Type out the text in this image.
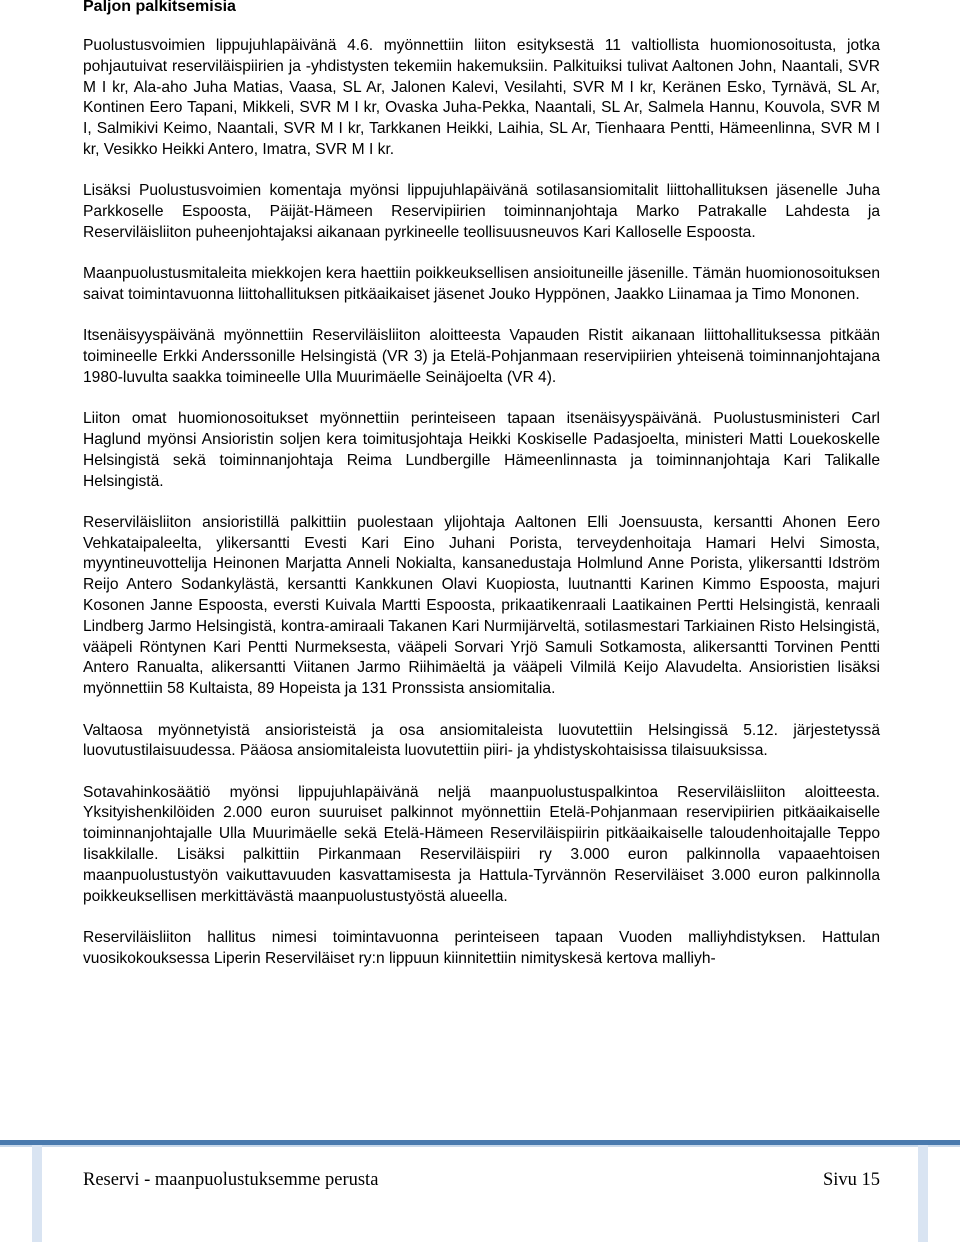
Paljon palkitsemisia

Puolustusvoimien lippujuhlapäivänä 4.6. myönnettiin liiton esityksestä 11 valtiollista huomionosoitusta, jotka pohjautuivat reserviläispiirien ja -yhdistysten tekemiin hakemuksiin. Palkituiksi tulivat Aaltonen John, Naantali, SVR M I kr, Ala-aho Juha Matias, Vaasa, SL Ar, Jalonen Kalevi, Vesilahti, SVR M I kr, Keränen Esko, Tyrnävä, SL Ar, Kontinen Eero Tapani, Mikkeli, SVR M I kr, Ovaska Juha-Pekka, Naantali, SL Ar, Salmela Hannu, Kouvola, SVR M I, Salmikivi Keimo, Naantali, SVR M I kr, Tarkkanen Heikki, Laihia, SL Ar, Tienhaara Pentti, Hämeenlinna, SVR M I kr, Vesikko Heikki Antero, Imatra, SVR M I kr.

Lisäksi Puolustusvoimien komentaja myönsi lippujuhlapäivänä sotilasansiomitalit liittohallituksen jäsenelle Juha Parkkoselle Espoosta, Päijät-Hämeen Reservipiirien toiminnanjohtaja Marko Patrakalle Lahdesta ja Reserviläisliiton puheenjohtajaksi aikanaan pyrkineelle teollisuusneuvos Kari Kalloselle Espoosta.

Maanpuolustusmitaleita miekkojen kera haettiin poikkeuksellisen ansioituneille jäsenille. Tämän huomionosoituksen saivat toimintavuonna liittohallituksen pitkäaikaiset jäsenet Jouko Hyppönen, Jaakko Liinamaa ja Timo Mononen.

Itsenäisyyspäivänä myönnettiin Reserviläisliiton aloitteesta Vapauden Ristit aikanaan liittohallituksessa pitkään toimineelle Erkki Anderssonille Helsingistä (VR 3) ja Etelä-Pohjanmaan reservipiirien yhteisenä toiminnanjohtajana 1980-luvulta saakka toimineelle Ulla Muurimäelle Seinäjoelta (VR 4).

Liiton omat huomionosoitukset myönnettiin perinteiseen tapaan itsenäisyyspäivänä. Puolustusministeri Carl Haglund myönsi Ansioristin soljen kera toimitusjohtaja Heikki Koskiselle Padasjoelta, ministeri Matti Louekoskelle Helsingistä sekä toiminnanjohtaja Reima Lundbergille Hämeenlinnasta ja toiminnanjohtaja Kari Talikalle Helsingistä.

Reserviläisliiton ansioristillä palkittiin puolestaan ylijohtaja Aaltonen Elli Joensuusta, kersantti Ahonen Eero Vehkataipaleelta, ylikersantti Evesti Kari Eino Juhani Porista, terveydenhoitaja Hamari Helvi Simosta, myyntineuvottelija Heinonen Marjatta Anneli Nokialta, kansanedustaja Holmlund Anne Porista, ylikersantti Idström Reijo Antero Sodankylästä, kersantti Kankkunen Olavi Kuopiosta, luutnantti Karinen Kimmo Espoosta, majuri Kosonen Janne Espoosta, eversti Kuivala Martti Espoosta, prikaatikenraali Laatikainen Pertti Helsingistä, kenraali Lindberg Jarmo Helsingistä, kontra-amiraali Takanen Kari Nurmijärveltä, sotilasmestari Tarkiainen Risto Helsingistä, vääpeli Röntynen Kari Pentti Nurmeksesta, vääpeli Sorvari Yrjö Samuli Sotkamosta, alikersantti Torvinen Pentti Antero Ranualta, alikersantti Viitanen Jarmo Riihimäeltä ja vääpeli Vilmilä Keijo Alavudelta. Ansioristien lisäksi myönnettiin 58 Kultaista, 89 Hopeista ja 131 Pronssista ansiomitalia.

Valtaosa myönnetyistä ansioristeistä ja osa ansiomitaleista luovutettiin Helsingissä 5.12. järjestetyssä luovutustilaisuudessa. Pääosa ansiomitaleista luovutettiin piiri- ja yhdistyskohtaisissa tilaisuuksissa.

Sotavahinkosäätiö myönsi lippujuhlapäivänä neljä maanpuolustuspalkintoa Reserviläisliiton aloitteesta. Yksityishenkilöiden 2.000 euron suuruiset palkinnot myönnettiin Etelä-Pohjanmaan reservipiirien pitkäaikaiselle toiminnanjohtajalle Ulla Muurimäelle sekä Etelä-Hämeen Reserviläispiirin pitkäaikaiselle taloudenhoitajalle Teppo Iisakkilalle. Lisäksi palkittiin Pirkanmaan Reserviläispiiri ry 3.000 euron palkinnolla vapaaehtoisen maanpuolustustyön vaikuttavuuden kasvattamisesta ja Hattula-Tyrvännön Reserviläiset 3.000 euron palkinnolla poikkeuksellisen merkittävästä maanpuolustustyöstä alueella.

Reserviläisliiton hallitus nimesi toimintavuonna perinteiseen tapaan Vuoden malliyhdistyksen. Hattulan vuosikokouksessa Liperin Reserviläiset ry:n lippuun kiinnitettiin nimityskesä kertova malliyh-

Reservi - maanpuolustuksemme perusta	Sivu 15
